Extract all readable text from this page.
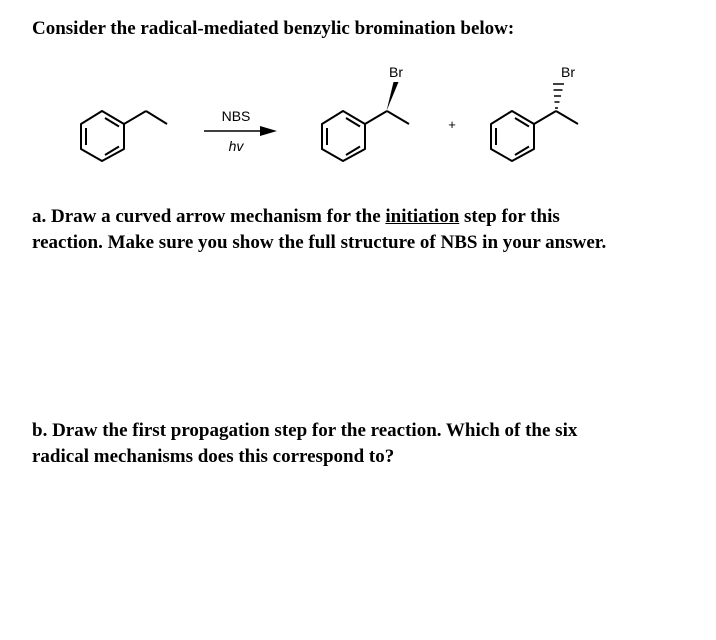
Consider the radical-mediated benzylic bromination below:
NBS
hv
Br
+
Br
a. Draw a curved arrow mechanism for the initiation step for this
reaction. Make sure you show the full structure of NBS in your answer.
b. Draw the first propagation step for the reaction. Which of the six
radical mechanisms does this correspond to?
